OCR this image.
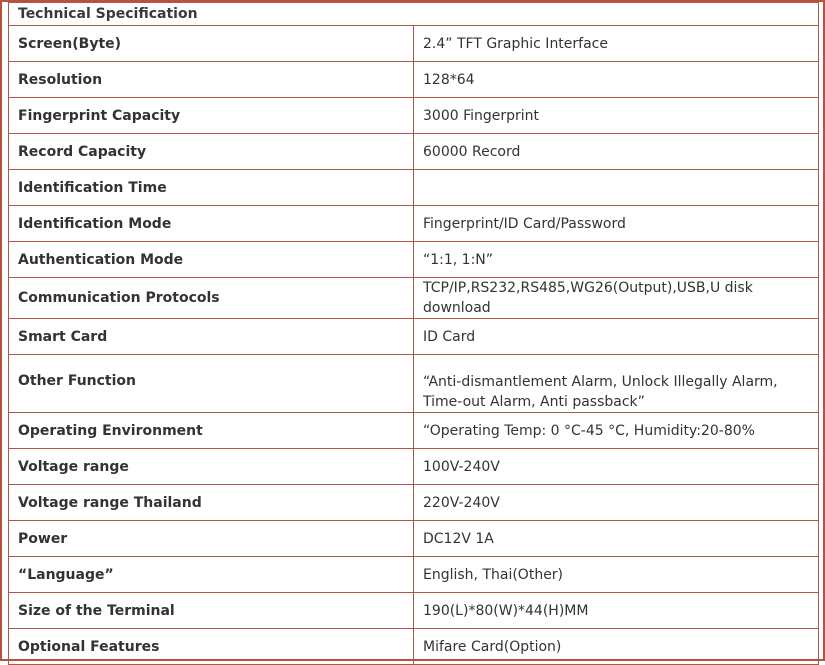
Technical Specification	
Screen(Byte)	2.4” TFT Graphic Interface
Resolution	128*64
Fingerprint Capacity	3000 Fingerprint
Record Capacity	60000 Record
Identification Time	
Identification Mode	Fingerprint/ID Card/Password
Authentication Mode	“1:1, 1:N”
Communication Protocols	TCP/IP,RS232,RS485,WG26(Output),USB,U disk download
Smart Card	ID Card
Other Function	“Anti-dismantlement Alarm, Unlock Illegally Alarm, Time-out Alarm, Anti passback”
Operating Environment	“Operating Temp: 0 °C-45 °C, Humidity:20-80%
Voltage range	100V-240V
Voltage range Thailand	220V-240V
Power	DC12V 1A
“Language”	English, Thai(Other)
Size of the Terminal	190(L)*80(W)*44(H)MM
Optional Features	Mifare Card(Option)
